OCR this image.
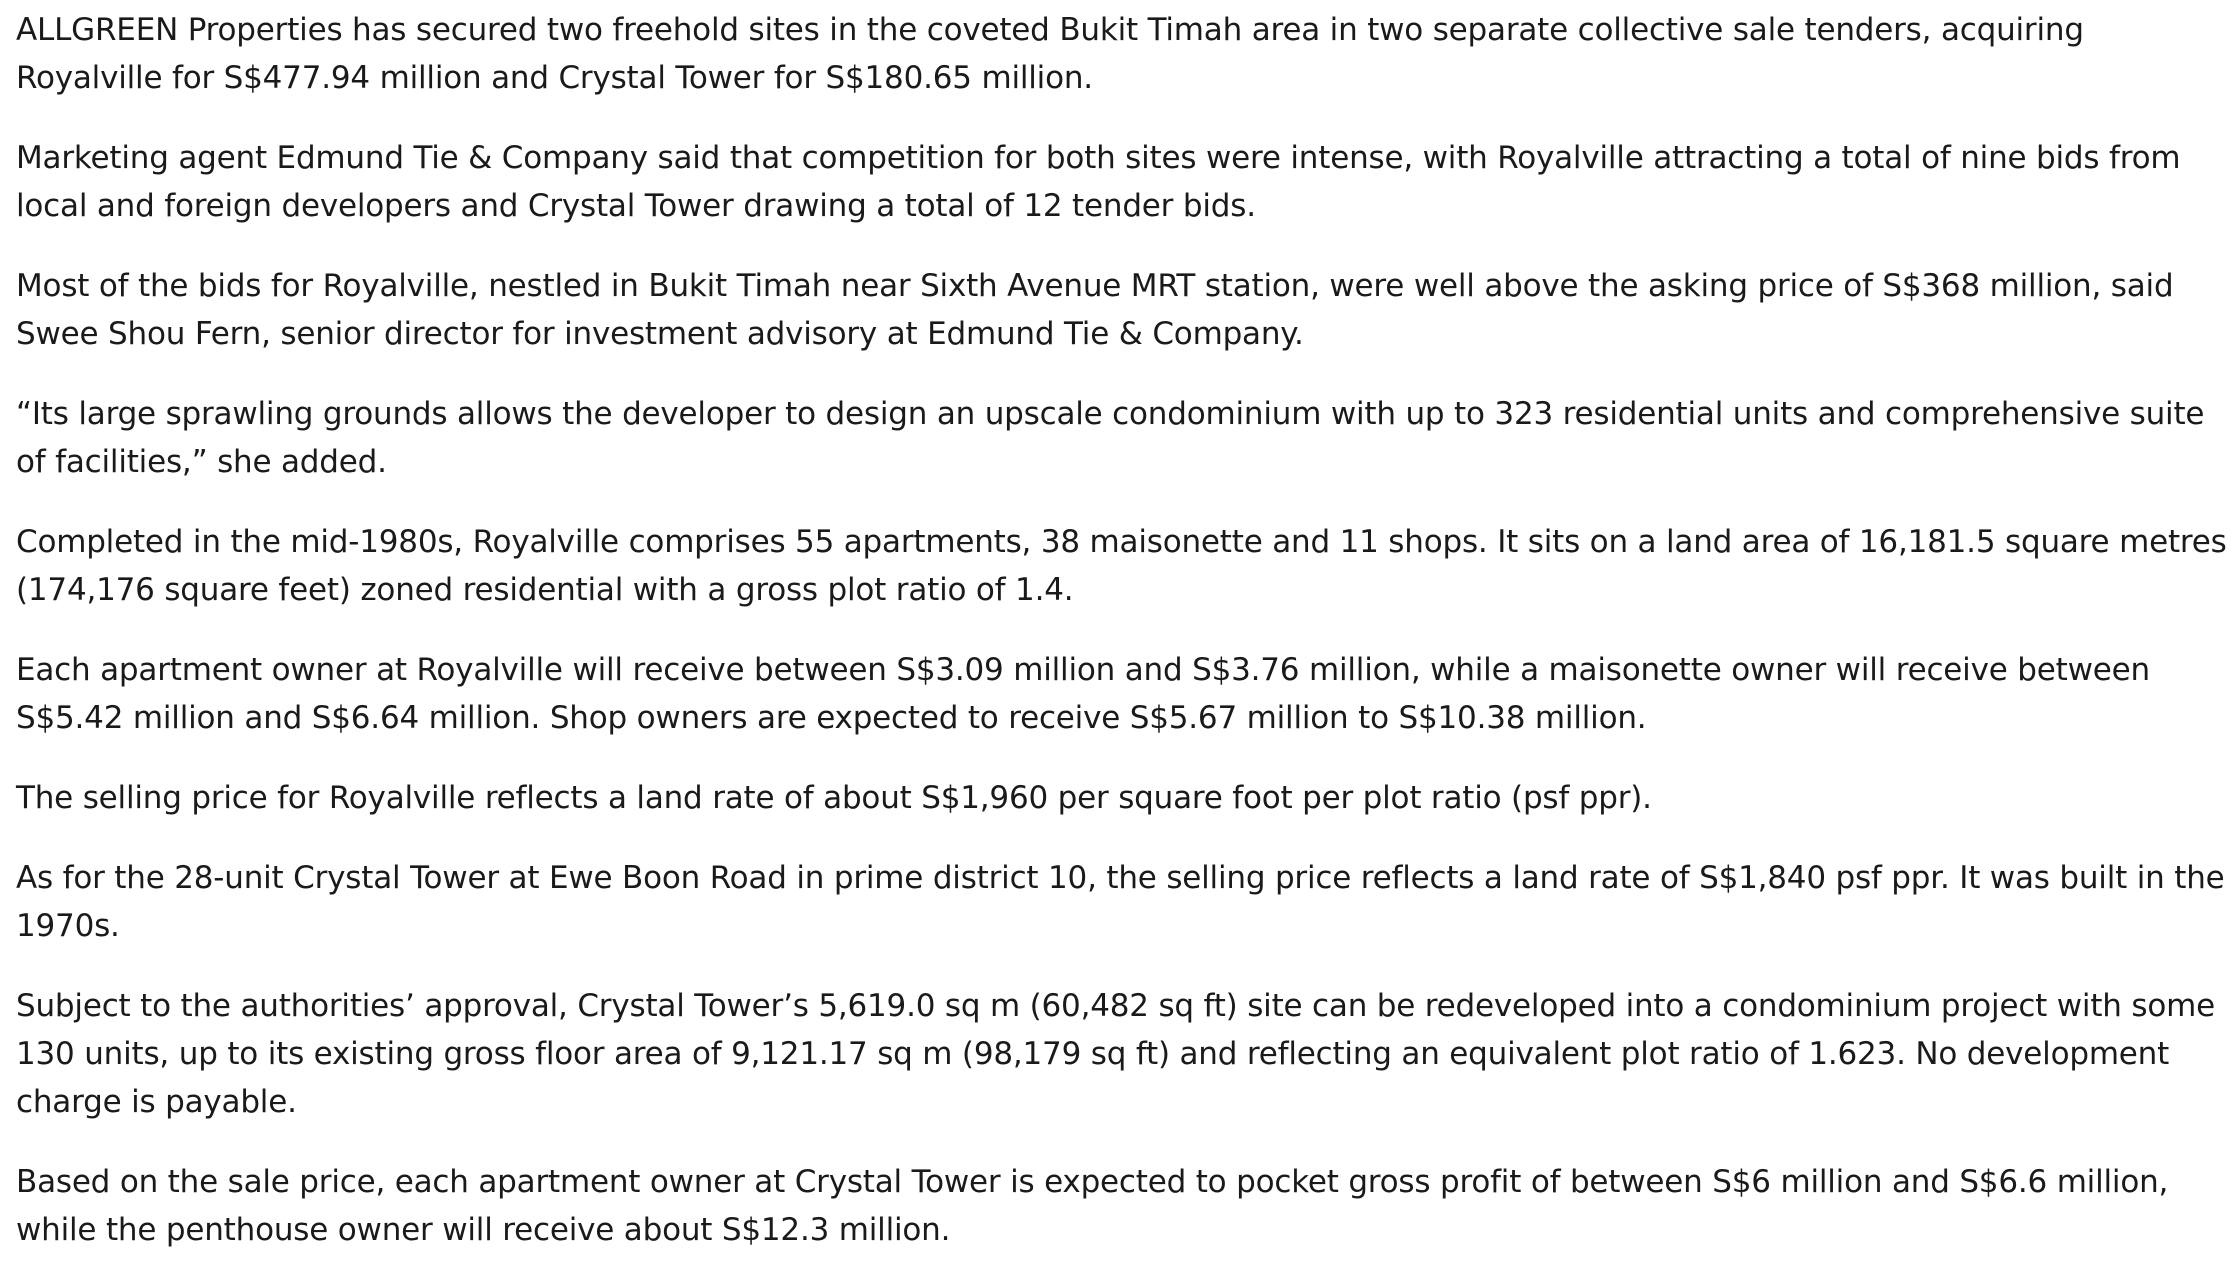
ALLGREEN Properties has secured two freehold sites in the coveted Bukit Timah area in two separate collective sale tenders, acquiring Royalville for S$477.94 million and Crystal Tower for S$180.65 million.

Marketing agent Edmund Tie & Company said that competition for both sites were intense, with Royalville attracting a total of nine bids from local and foreign developers and Crystal Tower drawing a total of 12 tender bids.

Most of the bids for Royalville, nestled in Bukit Timah near Sixth Avenue MRT station, were well above the asking price of S$368 million, said Swee Shou Fern, senior director for investment advisory at Edmund Tie & Company.

“Its large sprawling grounds allows the developer to design an upscale condominium with up to 323 residential units and comprehensive suite of facilities,” she added.

Completed in the mid-1980s, Royalville comprises 55 apartments, 38 maisonette and 11 shops. It sits on a land area of 16,181.5 square metres (174,176 square feet) zoned residential with a gross plot ratio of 1.4.

Each apartment owner at Royalville will receive between S$3.09 million and S$3.76 million, while a maisonette owner will receive between S$5.42 million and S$6.64 million. Shop owners are expected to receive S$5.67 million to S$10.38 million.

The selling price for Royalville reflects a land rate of about S$1,960 per square foot per plot ratio (psf ppr).

As for the 28-unit Crystal Tower at Ewe Boon Road in prime district 10, the selling price reflects a land rate of S$1,840 psf ppr. It was built in the 1970s.

Subject to the authorities’ approval, Crystal Tower’s 5,619.0 sq m (60,482 sq ft) site can be redeveloped into a condominium project with some 130 units, up to its existing gross floor area of 9,121.17 sq m (98,179 sq ft) and reflecting an equivalent plot ratio of 1.623. No development charge is payable.

Based on the sale price, each apartment owner at Crystal Tower is expected to pocket gross profit of between S$6 million and S$6.6 million, while the penthouse owner will receive about S$12.3 million.
